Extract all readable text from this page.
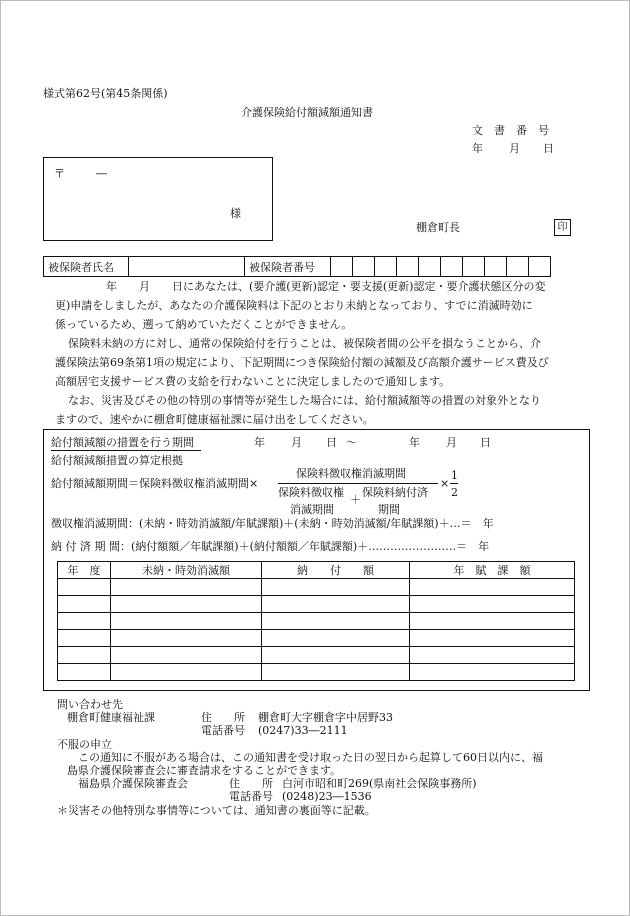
様式第62号(第45条関係)
介護保険給付額減額通知書
文　書　番　号
年 月 日
〒	―
様
棚倉町長	印
被保険者氏名		被保険者番号										
年　　月　　日にあなたは、(要介護(更新)認定・要支援(更新)認定・要介護状態区分の変
更)申請をしましたが、あなたの介護保険料は下記のとおり未納となっており、すでに消滅時効に
係っているため、遡って納めていただくことができません。
保険料未納の方に対し、通常の保険給付を行うことは、被保険者間の公平を損なうことから、介
護保険法第69条第1項の規定により、下記期間につき保険給付額の減額及び高額介護サービス費及び
高額居宅支援サービス費の支給を行わないことに決定しましたので通知します。
なお、災害及びその他の特別の事情等が発生した場合には、給付額減額等の措置の対象外となり
ますので、速やかに棚倉町健康福祉課に届け出をしてください。
給付額減額の措置を行う期間	年 月 日 ～	年 月 日
給付額減額措置の算定根拠
給付額減額期間＝保険料徴収権消滅期間×
保険料徴収権消滅期間
保険料徴収権
消滅期間
＋
保険料納付済
期間
×
1
2
徴収権消滅期間：(未納・時効消滅額/年賦課額)＋(未納・時効消滅額/年賦課額)＋…＝　年
納 付 済 期 間：(納付額額／年賦課額)＋(納付額額／年賦課額)＋……………………＝　年
年　度	未納・時効消滅額	納　　付　　額	年　賦　課　額

問い合わせ先
棚倉町健康福祉課	住　　所 棚倉町大字棚倉字中居野33
電話番号 (0247)33―2111
不服の申立
この通知に不服がある場合は、この通知書を受け取った日の翌日から起算して60日以内に、福
島県介護保険審査会に審査請求をすることができます。
福島県介護保険審査会	住　　所 白河市昭和町269(県南社会保険事務所)
電話番号 (0248)23―1536
＊災害その他特別な事情等については、通知書の裏面等に記載。
